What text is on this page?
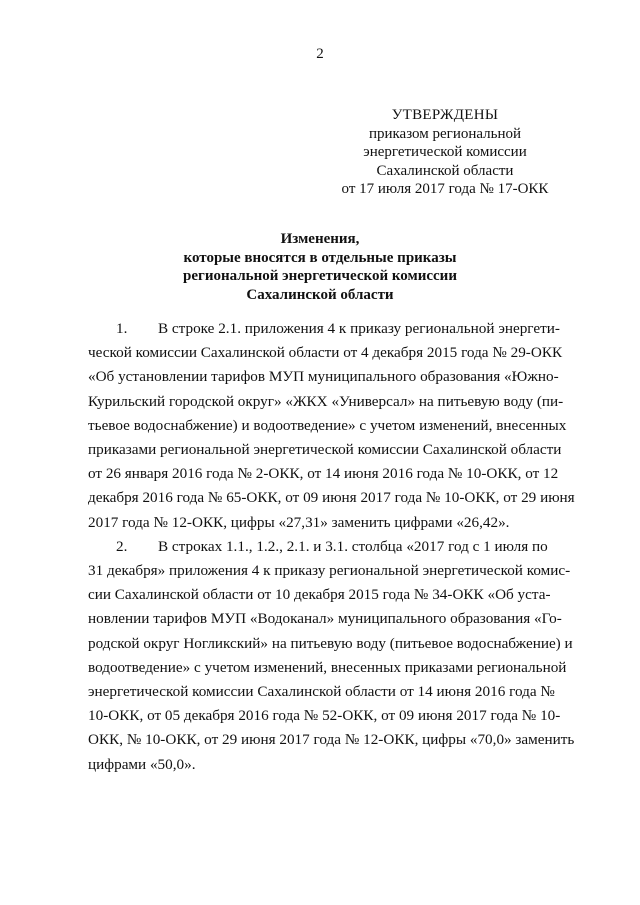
2
УТВЕРЖДЕНЫ
приказом региональной
энергетической комиссии
Сахалинской области
от 17 июля 2017 года № 17-ОКК
Изменения,
которые вносятся в отдельные приказы
региональной энергетической комиссии
Сахалинской области
1. В строке 2.1. приложения 4 к приказу региональной энергети-
ческой комиссии Сахалинской области от 4 декабря 2015 года № 29-ОКК
«Об установлении тарифов МУП муниципального образования «Южно-
Курильский городской округ» «ЖКХ «Универсал» на питьевую воду (пи-
тьевое водоснабжение) и водоотведение» с учетом изменений, внесенных
приказами региональной энергетической комиссии Сахалинской области
от 26 января 2016 года № 2-ОКК, от 14 июня 2016 года № 10-ОКК, от 12
декабря 2016 года № 65-ОКК, от 09 июня 2017 года № 10-ОКК, от 29 июня
2017 года № 12-ОКК, цифры «27,31» заменить цифрами «26,42».
2. В строках 1.1., 1.2., 2.1. и 3.1. столбца «2017 год с 1 июля по
31 декабря» приложения 4 к приказу региональной энергетической комис-
сии Сахалинской области от 10 декабря 2015 года № 34-ОКК «Об уста-
новлении тарифов МУП «Водоканал» муниципального образования «Го-
родской округ Ногликский» на питьевую воду (питьевое водоснабжение) и
водоотведение» с учетом изменений, внесенных приказами региональной
энергетической комиссии Сахалинской области от 14 июня 2016 года №
10-ОКК, от 05 декабря 2016 года № 52-ОКК, от 09 июня 2017 года № 10-
ОКК, № 10-ОКК, от 29 июня 2017 года № 12-ОКК, цифры «70,0» заменить
цифрами «50,0».
